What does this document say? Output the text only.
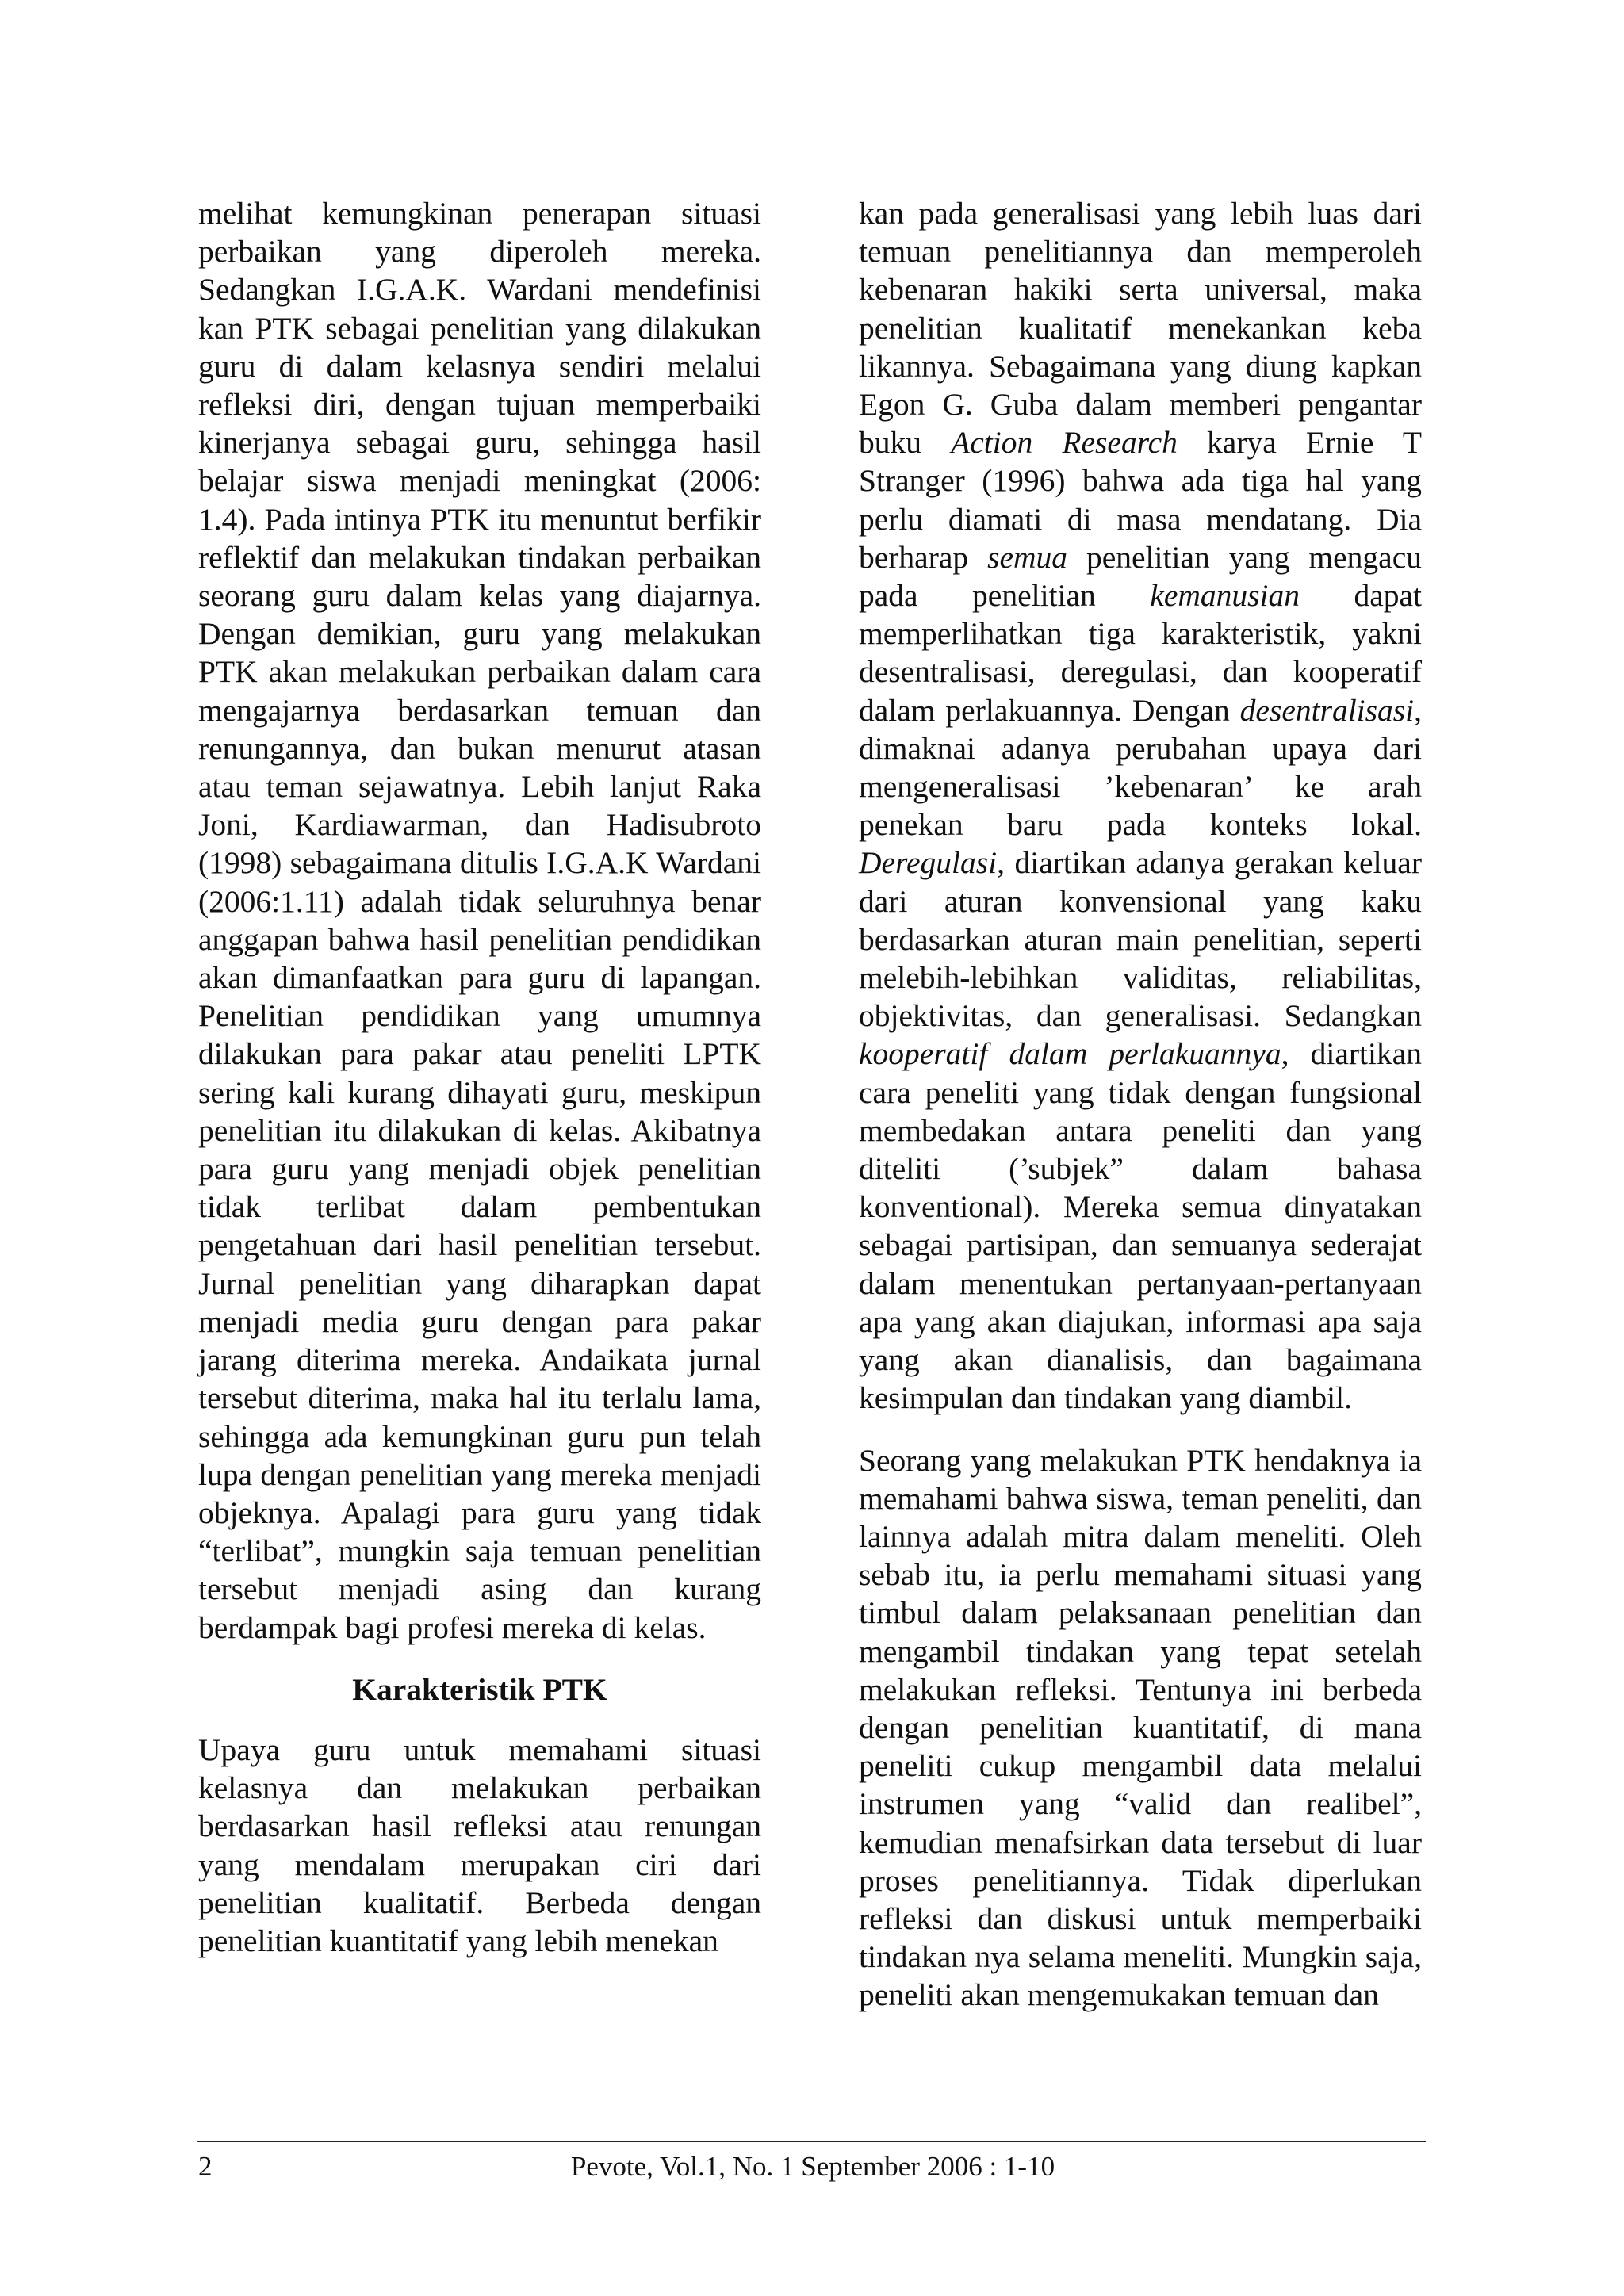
melihat kemungkinan penerapan situasi perbaikan yang diperoleh mereka. Sedangkan I.G.A.K. Wardani mendefinisi kan PTK sebagai penelitian yang dilakukan guru di dalam kelasnya sendiri melalui refleksi diri, dengan tujuan memperbaiki kinerjanya sebagai guru, sehingga hasil belajar siswa menjadi meningkat (2006: 1.4). Pada intinya PTK itu menuntut berfikir reflektif dan melakukan tindakan perbaikan seorang guru dalam kelas yang diajarnya. Dengan demikian, guru yang melakukan PTK akan melakukan perbaikan dalam cara mengajarnya berdasarkan temuan dan renungannya, dan bukan menurut atasan atau teman sejawatnya. Lebih lanjut Raka Joni, Kardiawarman, dan Hadisubroto (1998) sebagaimana ditulis I.G.A.K Wardani (2006:1.11) adalah tidak seluruhnya benar anggapan bahwa hasil penelitian pendidikan akan dimanfaatkan para guru di lapangan. Penelitian pendidikan yang umumnya dilakukan para pakar atau peneliti LPTK sering kali kurang dihayati guru, meskipun penelitian itu dilakukan di kelas. Akibatnya para guru yang menjadi objek penelitian tidak terlibat dalam pembentukan pengetahuan dari hasil penelitian tersebut. Jurnal penelitian yang diharapkan dapat menjadi media guru dengan para pakar jarang diterima mereka. Andaikata jurnal tersebut diterima, maka hal itu terlalu lama, sehingga ada kemungkinan guru pun telah lupa dengan penelitian yang mereka menjadi objeknya. Apalagi para guru yang tidak “terlibat”, mungkin saja temuan penelitian tersebut menjadi asing dan kurang berdampak bagi profesi mereka di kelas.

Karakteristik PTK

Upaya guru untuk memahami situasi kelasnya dan melakukan perbaikan berdasarkan hasil refleksi atau renungan yang mendalam merupakan ciri dari penelitian kualitatif. Berbeda dengan penelitian kuantitatif yang lebih menekan

kan pada generalisasi yang lebih luas dari temuan penelitiannya dan memperoleh kebenaran hakiki serta universal, maka penelitian kualitatif menekankan keba likannya. Sebagaimana yang diung kapkan Egon G. Guba dalam memberi pengantar buku Action Research karya Ernie T Stranger (1996) bahwa ada tiga hal yang perlu diamati di masa mendatang. Dia berharap semua penelitian yang mengacu pada penelitian kemanusian dapat memperlihatkan tiga karakteristik, yakni desentralisasi, deregulasi, dan kooperatif dalam perlakuannya. Dengan desentralisasi, dimaknai adanya perubahan upaya dari mengeneralisasi ’kebenaran’ ke arah penekan baru pada konteks lokal. Deregulasi, diartikan adanya gerakan keluar dari aturan konvensional yang kaku berdasarkan aturan main penelitian, seperti melebih-lebihkan validitas, reliabilitas, objektivitas, dan generalisasi. Sedangkan kooperatif dalam perlakuannya, diartikan cara peneliti yang tidak dengan fungsional membedakan antara peneliti dan yang diteliti (’subjek” dalam bahasa konventional). Mereka semua dinyatakan sebagai partisipan, dan semuanya sederajat dalam menentukan pertanyaan-pertanyaan apa yang akan diajukan, informasi apa saja yang akan dianalisis, dan bagaimana kesimpulan dan tindakan yang diambil.

Seorang yang melakukan PTK hendaknya ia memahami bahwa siswa, teman peneliti, dan lainnya adalah mitra dalam meneliti. Oleh sebab itu, ia perlu memahami situasi yang timbul dalam pelaksanaan penelitian dan mengambil tindakan yang tepat setelah melakukan refleksi. Tentunya ini berbeda dengan penelitian kuantitatif, di mana peneliti cukup mengambil data melalui instrumen yang “valid dan realibel”, kemudian menafsirkan data tersebut di luar proses penelitiannya. Tidak diperlukan refleksi dan diskusi untuk memperbaiki tindakan nya selama meneliti. Mungkin saja, peneliti akan mengemukakan temuan dan

2	Pevote, Vol.1, No. 1 September 2006 : 1-10
